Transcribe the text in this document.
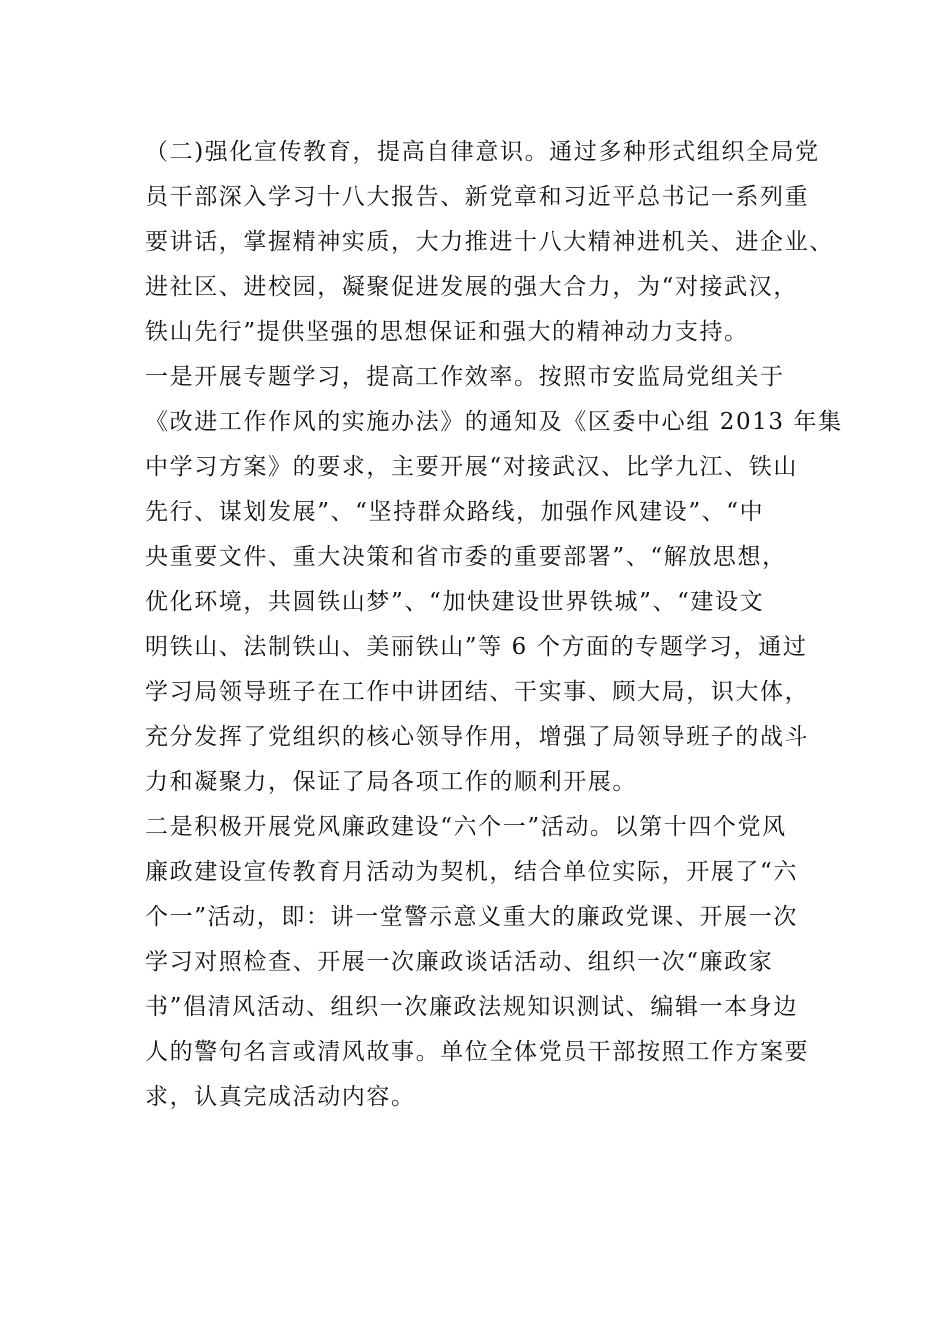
（二)强化宣传教育，提高自律意识。通过多种形式组织全局党
员干部深入学习十八大报告、新党章和习近平总书记一系列重
要讲话，掌握精神实质，大力推进十八大精神进机关、进企业、
进社区、进校园，凝聚促进发展的强大合力，为“对接武汉，
铁山先行”提供坚强的思想保证和强大的精神动力支持。
一是开展专题学习，提高工作效率。按照市安监局党组关于
《改进工作作风的实施办法》的通知及《区委中心组 2013 年集
中学习方案》的要求，主要开展“对接武汉、比学九江、铁山
先行、谋划发展”、“坚持群众路线，加强作风建设”、“中
央重要文件、重大决策和省市委的重要部署”、“解放思想，
优化环境，共圆铁山梦”、“加快建设世界铁城”、“建设文
明铁山、法制铁山、美丽铁山”等 6 个方面的专题学习，通过
学习局领导班子在工作中讲团结、干实事、顾大局，识大体，
充分发挥了党组织的核心领导作用，增强了局领导班子的战斗
力和凝聚力，保证了局各项工作的顺利开展。
二是积极开展党风廉政建设“六个一”活动。以第十四个党风
廉政建设宣传教育月活动为契机，结合单位实际，开展了“六
个一”活动，即：讲一堂警示意义重大的廉政党课、开展一次
学习对照检查、开展一次廉政谈话活动、组织一次“廉政家
书”倡清风活动、组织一次廉政法规知识测试、编辑一本身边
人的警句名言或清风故事。单位全体党员干部按照工作方案要
求，认真完成活动内容。
